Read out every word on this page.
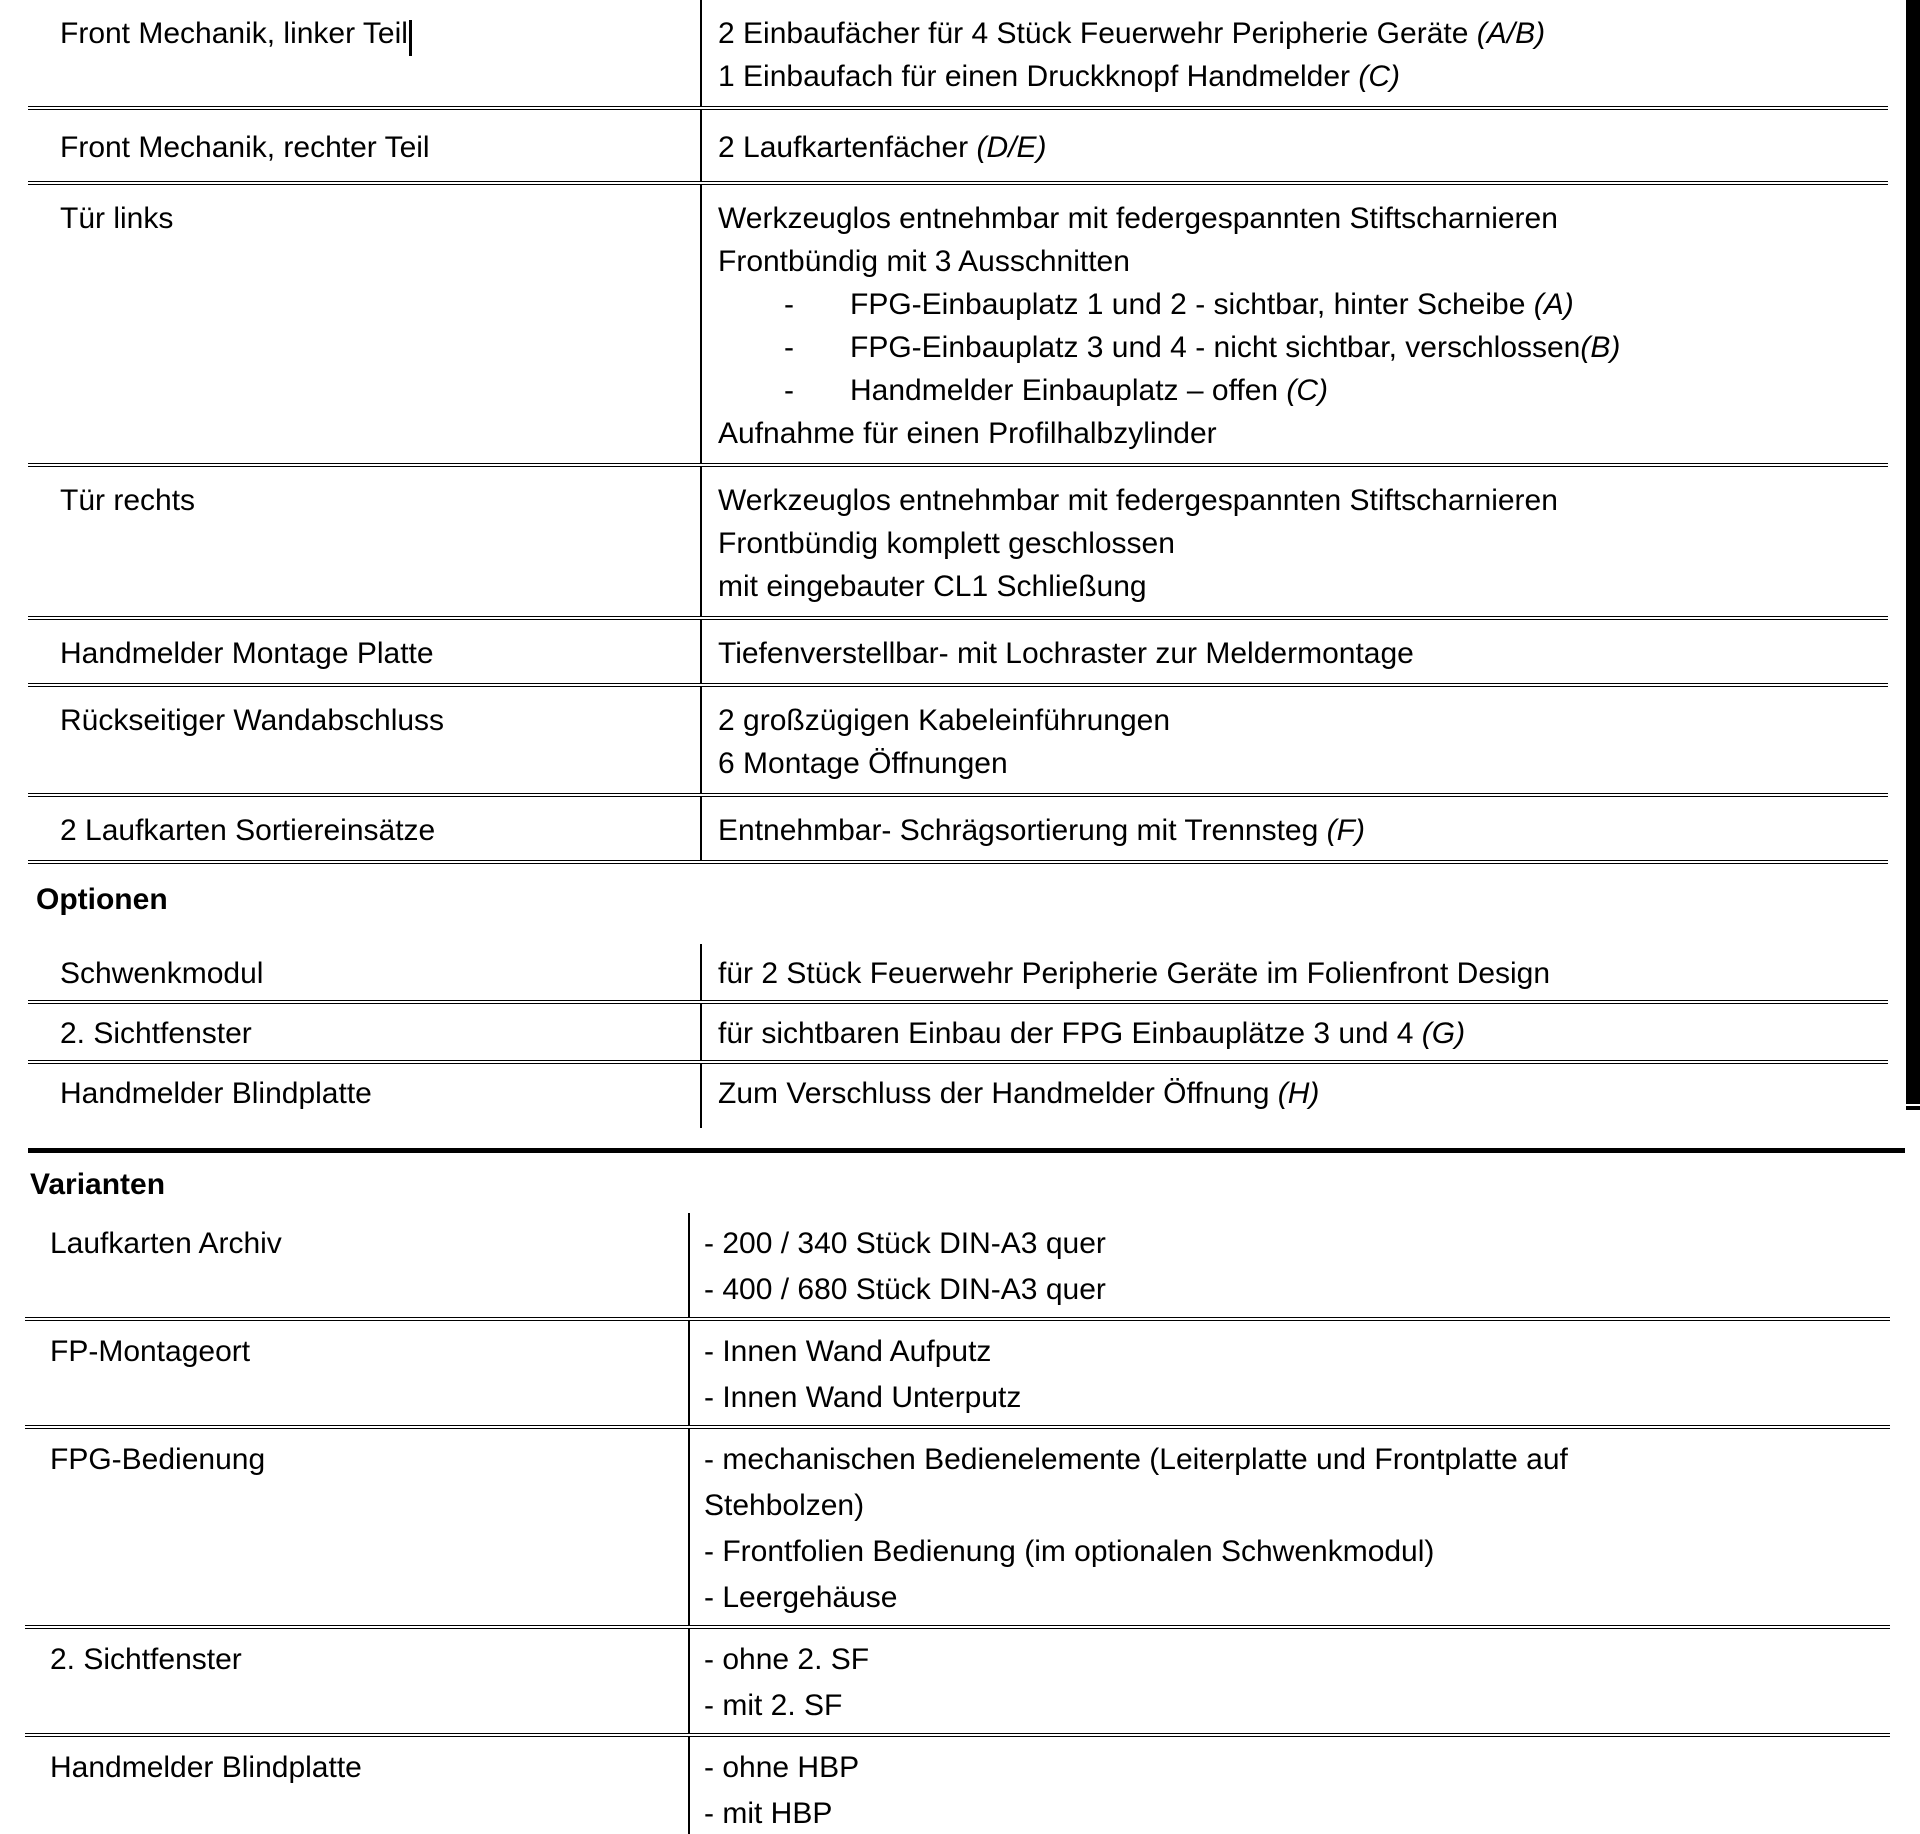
Front Mechanik, linker Teil	2 Einbaufächer für 4 Stück Feuerwehr Peripherie Geräte (A/B)
1 Einbaufach für einen Druckknopf Handmelder (C)
Front Mechanik, rechter Teil	2 Laufkartenfächer (D/E)
Tür links	Werkzeuglos entnehmbar mit federgespannten Stiftscharnieren
Frontbündig mit 3 Ausschnitten
- FPG-Einbauplatz 1 und 2 - sichtbar, hinter Scheibe (A)
- FPG-Einbauplatz 3 und 4 - nicht sichtbar, verschlossen(B)
- Handmelder Einbauplatz – offen (C)
Aufnahme für einen Profilhalbzylinder
Tür rechts	Werkzeuglos entnehmbar mit federgespannten Stiftscharnieren
Frontbündig komplett geschlossen
mit eingebauter CL1 Schließung
Handmelder Montage Platte	Tiefenverstellbar- mit Lochraster zur Meldermontage
Rückseitiger Wandabschluss	2 großzügigen Kabeleinführungen
6 Montage Öffnungen
2 Laufkarten Sortiereinsätze	Entnehmbar- Schrägsortierung mit Trennsteg (F)
Optionen
Schwenkmodul	für 2 Stück Feuerwehr Peripherie Geräte im Folienfront Design
2. Sichtfenster	für sichtbaren Einbau der FPG Einbauplätze 3 und 4 (G)
Handmelder Blindplatte	Zum Verschluss der Handmelder Öffnung (H)
Varianten
Laufkarten Archiv	- 200 / 340 Stück DIN-A3 quer
- 400 / 680 Stück DIN-A3 quer
FP-Montageort	- Innen Wand Aufputz
- Innen Wand Unterputz
FPG-Bedienung	- mechanischen Bedienelemente (Leiterplatte und Frontplatte auf
Stehbolzen)
- Frontfolien Bedienung (im optionalen Schwenkmodul)
- Leergehäuse
2. Sichtfenster	- ohne 2. SF
- mit 2. SF
Handmelder Blindplatte	- ohne HBP
- mit HBP
